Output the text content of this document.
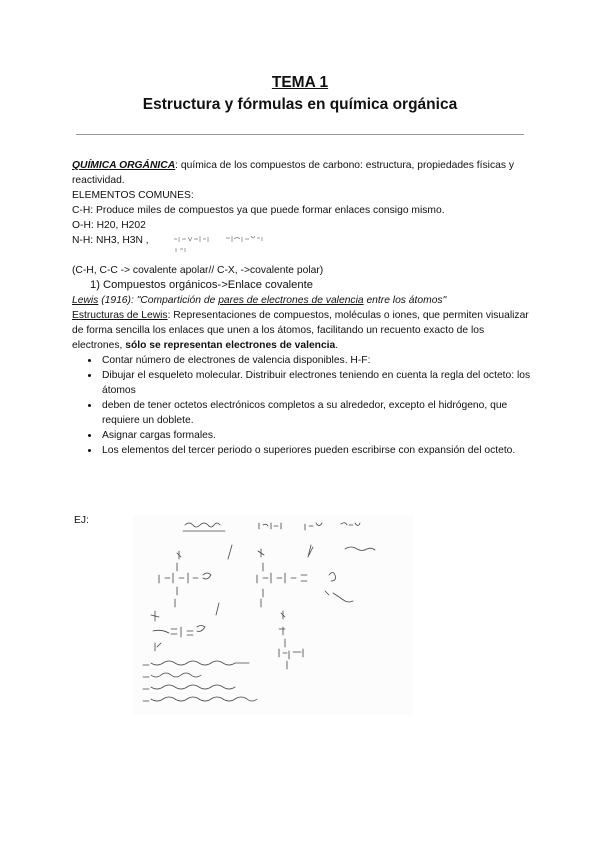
TEMA 1
Estructura y fórmulas en química orgánica

QUÍMICA ORGÁNICA: química de los compuestos de carbono: estructura, propiedades físicas y reactividad.

ELEMENTOS COMUNES:

C-H: Produce miles de compuestos ya que puede formar enlaces consigo mismo.

O-H: H20, H202

N-H: NH3, H3N ,

(C-H, C-C -> covalente apolar// C-X, ->covalente polar)

1) Compuestos orgánicos->Enlace covalente

Lewis (1916): "Compartición de pares de electrones de valencia entre los átomos"

Estructuras de Lewis: Representaciones de compuestos, moléculas o iones, que permiten visualizar de forma sencilla los enlaces que unen a los átomos, facilitando un recuento exacto de los electrones, sólo se representan electrones de valencia.

• Contar número de electrones de valencia disponibles. H-F:
• Dibujar el esqueleto molecular. Distribuir electrones teniendo en cuenta la regla del octeto: los átomos
• deben de tener octetos electrónicos completos a su alrededor, excepto el hidrógeno, que requiere un doblete.
• Asignar cargas formales.
• Los elementos del tercer periodo o superiores pueden escribirse con expansión del octeto.
EJ:
